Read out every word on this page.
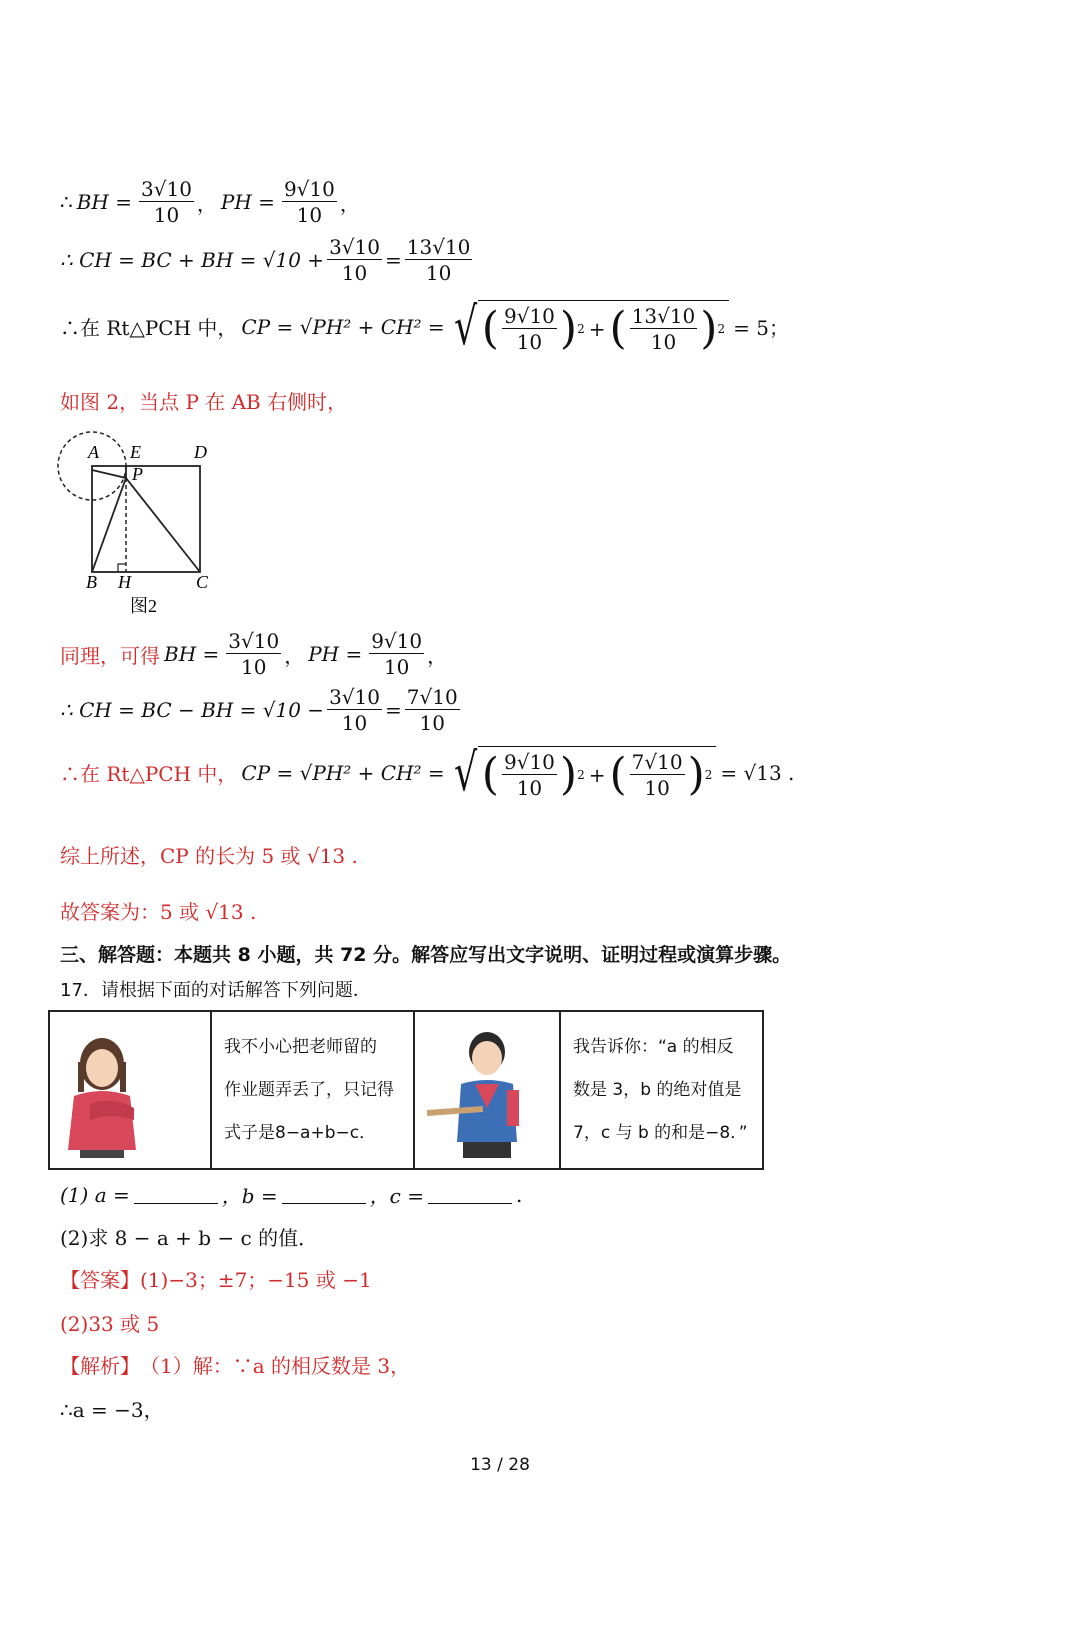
∴ BH = $\frac{3√10}{10}$ ， PH = $\frac{9√10}{10}$ ，
∴ CH = BC + BH = $√10 + \frac{3√10}{10} = \frac{13√10}{10}$
∴在 Rt△PCH 中， CP = √PH² + CH² = √ ( $\frac{9√10}{10}$ ) 2 + ( $\frac{13√10}{10}$ ) 2 = 5；
如图 2，当点 P 在 AB 右侧时，
A E	D
P
B H	C
图2
同理，可得 BH = $\frac{3√10}{10}$ ， PH = $\frac{9√10}{10}$ ，
∴ CH = BC − BH = $√10 - \frac{3√10}{10} = \frac{7√10}{10}$
∴在 Rt△PCH 中， CP = √PH² + CH² = √ ( $\frac{9√10}{10}$ ) 2 + ( $\frac{7√10}{10}$ ) 2 = √13 .
综上所述，CP 的长为 5 或 √13 .
故答案为：5 或 √13 .
三、解答题：本题共 8 小题，共 72 分。解答应写出文字说明、证明过程或演算步骤。
17．请根据下面的对话解答下列问题．
我不小心把老师留的
作业题弄丢了，只记得
式子是8−a+b−c．
我告诉你：“a 的相反
数是 3，b 的绝对值是
7，c 与 b 的和是−8．”
(1) a =	，b =	，c =	.
(2)求 8 − a + b − c 的值．
【答案】 (1)−3；±7；−15 或 −1
(2)33 或 5
【解析】 （1）解：∵a 的相反数是 3，
∴a = −3，
13 / 28
